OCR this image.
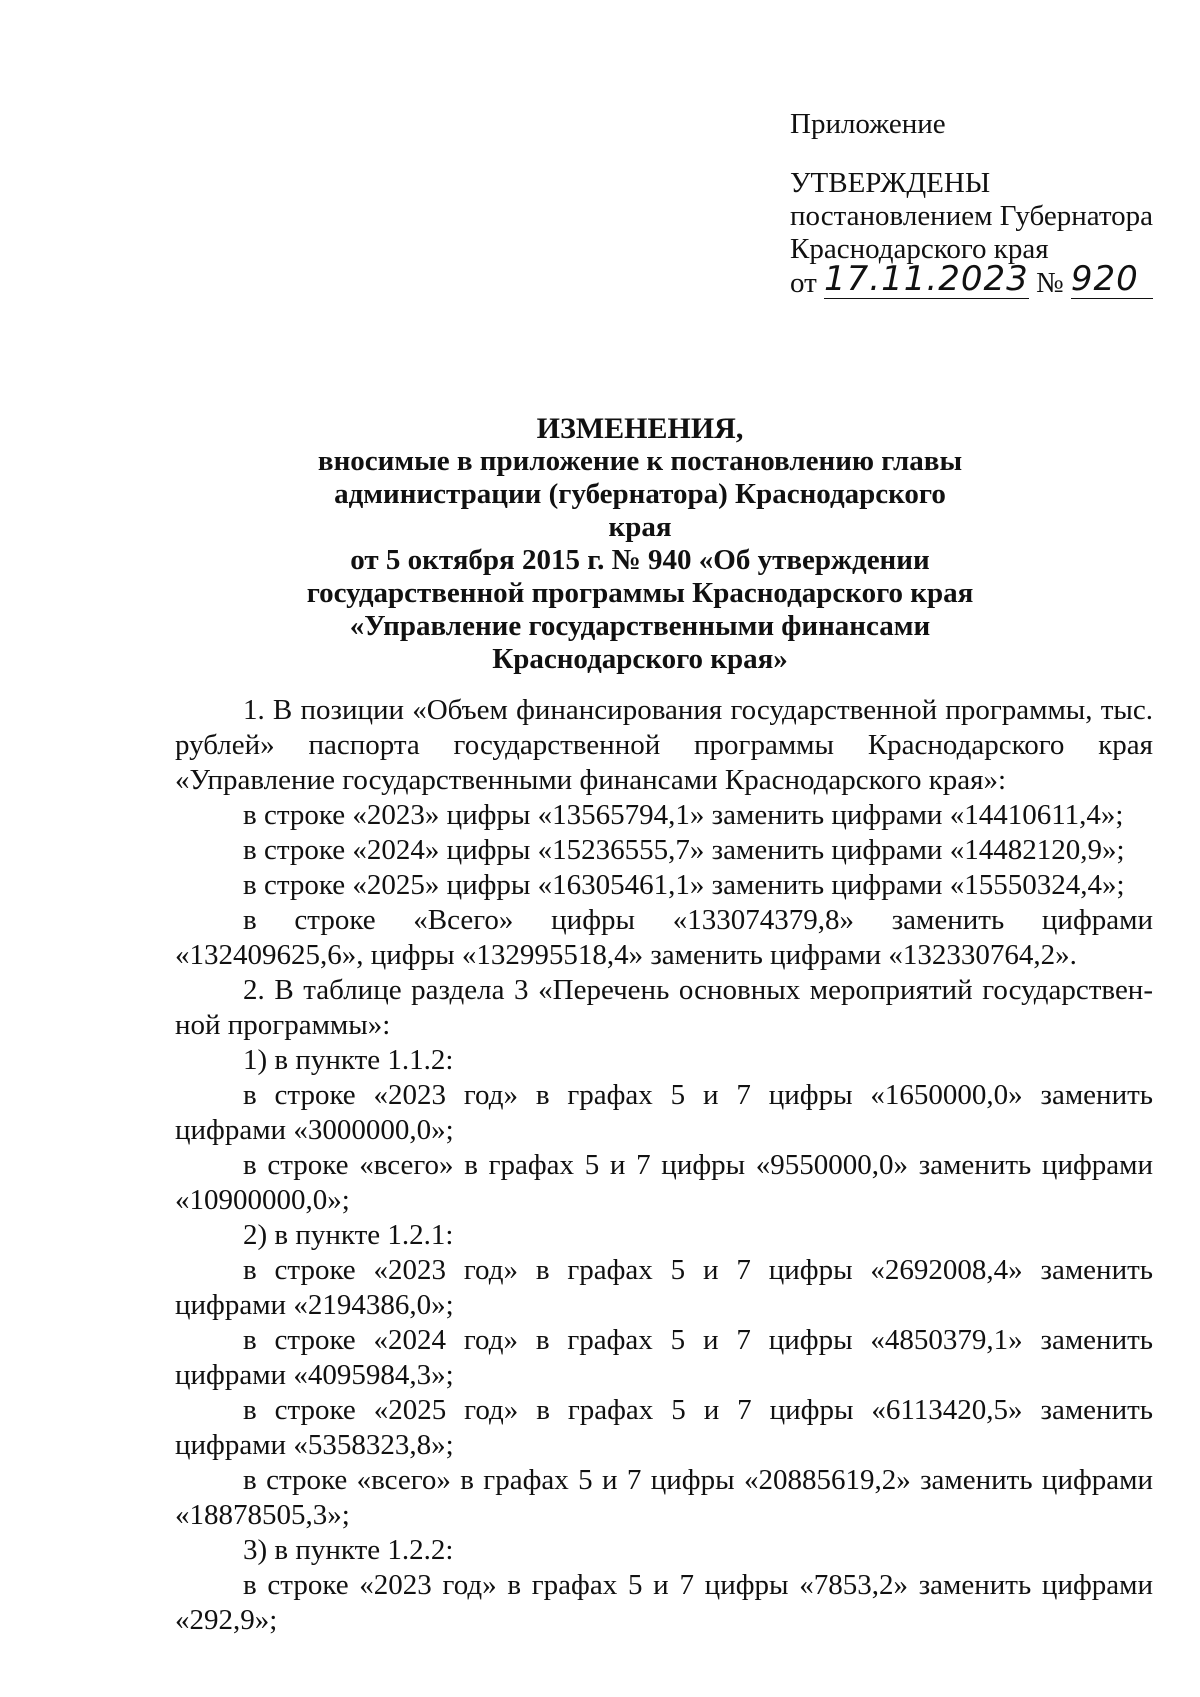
Приложение
УТВЕРЖДЕНЫ
постановлением Губернатора
Краснодарского края
от 17.11.2023 № 920
ИЗМЕНЕНИЯ,
вносимые в приложение к постановлению главы
администрации (губернатора) Краснодарского края
от 5 октября 2015 г. № 940 «Об утверждении
государственной программы Краснодарского края
«Управление государственными финансами
Краснодарского края»
1. В позиции «Объем финансирования государственной программы, тыс. рублей» паспорта государственной программы Краснодарского края «Управление государственными финансами Краснодарского края»:
в строке «2023» цифры «13565794,1» заменить цифрами «14410611,4»;
в строке «2024» цифры «15236555,7» заменить цифрами «14482120,9»;
в строке «2025» цифры «16305461,1» заменить цифрами «15550324,4»;
в строке «Всего» цифры «133074379,8» заменить цифрами «132409625,6», цифры «132995518,4» заменить цифрами «132330764,2».
2. В таблице раздела 3 «Перечень основных мероприятий государствен-ной программы»:
1) в пункте 1.1.2:
в строке «2023 год» в графах 5 и 7 цифры «1650000,0» заменить цифрами «3000000,0»;
в строке «всего» в графах 5 и 7 цифры «9550000,0» заменить цифрами «10900000,0»;
2) в пункте 1.2.1:
в строке «2023 год» в графах 5 и 7 цифры «2692008,4» заменить цифрами «2194386,0»;
в строке «2024 год» в графах 5 и 7 цифры «4850379,1» заменить цифрами «4095984,3»;
в строке «2025 год» в графах 5 и 7 цифры «6113420,5» заменить цифрами «5358323,8»;
в строке «всего» в графах 5 и 7 цифры «20885619,2» заменить цифрами «18878505,3»;
3) в пункте 1.2.2:
в строке «2023 год» в графах 5 и 7 цифры «7853,2» заменить цифрами «292,9»;
